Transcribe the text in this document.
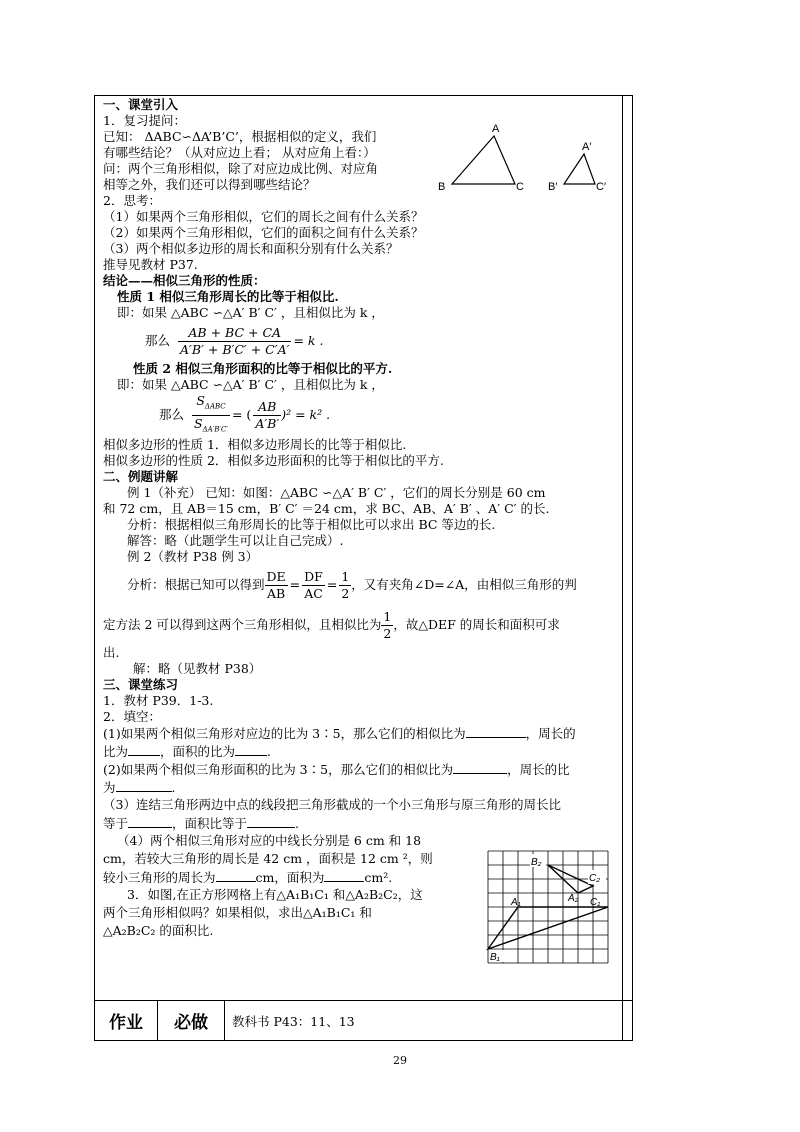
一、课堂引入
1．复习提问：
已知： ΔABC∽ΔA’B’C’，根据相似的定义，我们
有哪些结论？（从对应边上看； 从对应角上看：）
问：两个三角形相似，除了对应边成比例、对应角
相等之外，我们还可以得到哪些结论？
2．思考：
（1）如果两个三角形相似，它们的周长之间有什么关系？
（2）如果两个三角形相似，它们的面积之间有什么关系？
（3）两个相似多边形的周长和面积分别有什么关系？
推导见教材 P37.
结论——相似三角形的性质：
性质 1 相似三角形周长的比等于相似比.
即：如果 △ABC ∽△A′ B′ C′ ，且相似比为 k ，
那么 $\frac{AB + BC + CA}{A'B' + B'C' + C'A'} = k$ .
性质 2 相似三角形面积的比等于相似比的平方.
即：如果 △ABC ∽△A′ B′ C′ ，且相似比为 k ，
那么 $\frac{S_{\Delta ABC}}{S_{\Delta A'B'C'}}$ = ( $\frac{AB}{A'B'} )^2 = k^2$ .
相似多边形的性质 1．相似多边形周长的比等于相似比.
相似多边形的性质 2．相似多边形面积的比等于相似比的平方.
二、例题讲解
例 1（补充） 已知：如图：△ABC ∽△A′ B′ C′ ，它们的周长分别是 60 cm
和 72 cm，且 AB＝15 cm，B′ C′ ＝24 cm，求 BC、AB、A′ B′ 、A′ C′ 的长.
分析：根据相似三角形周长的比等于相似比可以求出 BC 等边的长.
解答：略（此题学生可以让自己完成）.
例 2（教材 P38 例 3）
分析：根据已知可以得到 $\frac{DE}{AB} = \frac{DF}{AC} = \frac{1}{2}$ ，又有夹角∠D=∠A，由相似三角形的判
定方法 2 可以得到这两个三角形相似，且相似比为 $\frac{1}{2}$ ，故△DEF 的周长和面积可求
出.
解：略（见教材 P38）
三、课堂练习
1．教材 P39．1-3.
2．填空：
(1)如果两个相似三角形对应边的比为 3∶5，那么它们的相似比为	，周长的
比为	，面积的比为	.
(2)如果两个相似三角形面积的比为 3∶5，那么它们的相似比为	，周长的比
为	.
（3）连结三角形两边中点的线段把三角形截成的一个小三角形与原三角形的周长比
等于	，面积比等于	.
（4）两个相似三角形对应的中线长分别是 6 cm 和 18
cm，若较大三角形的周长是 42 cm ，面积是 12 cm ²，则
较小三角形的周长为	cm，面积为	cm².
3．如图,在正方形网格上有△A₁B₁C₁ 和△A₂B₂C₂，这
两个三角形相似吗？如果相似，求出△A₁B₁C₁ 和
△A₂B₂C₂ 的面积比.
A
B	C
A′
B′	C′
B₂
C₂
A₁	A₂ C₁
B₁
作业	必做	教科书 P43：11、13
29
